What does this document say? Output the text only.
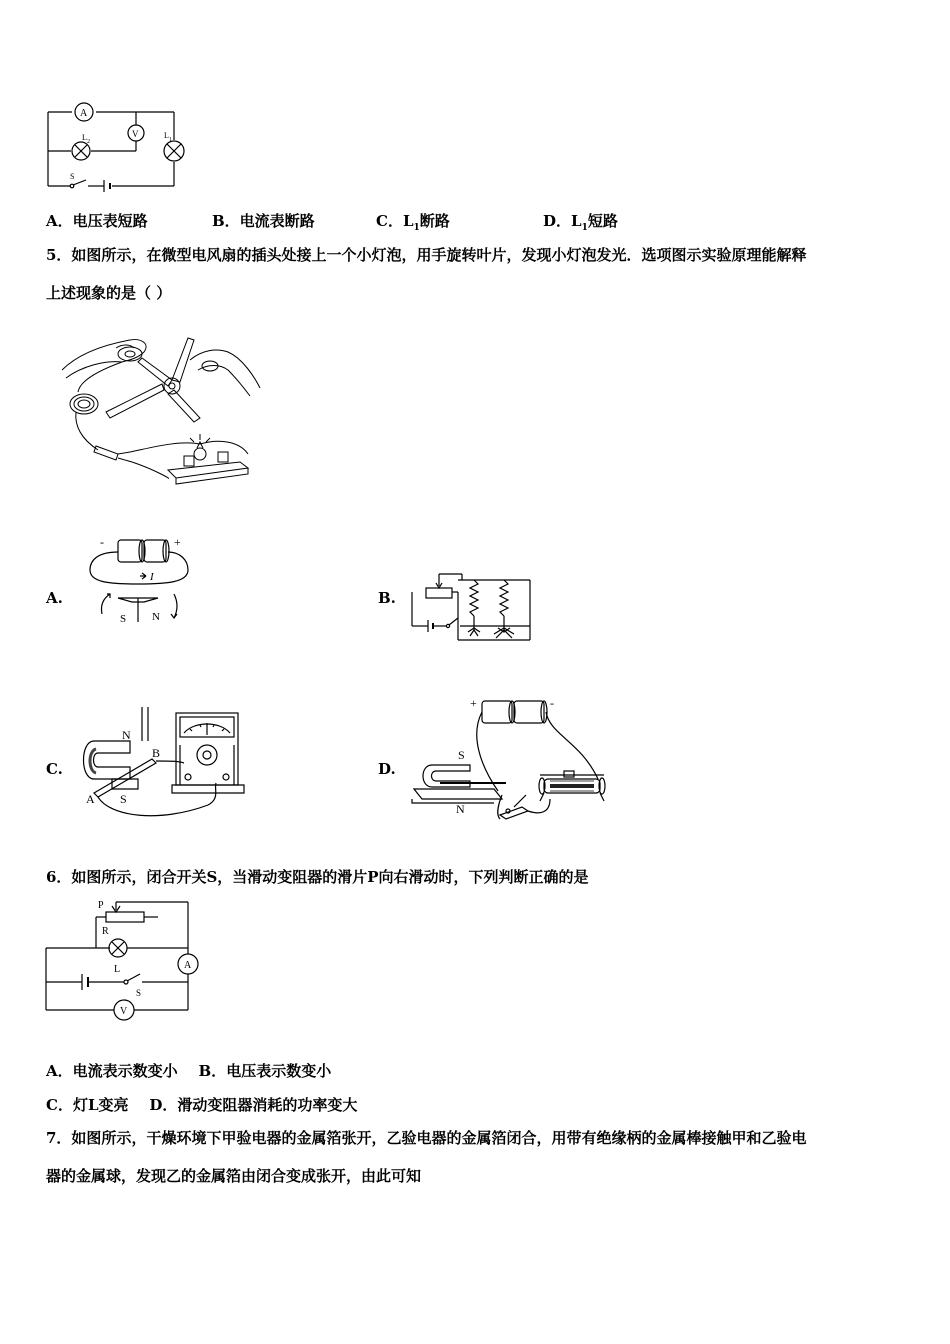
A
V
L 2
L 1
S
A．电压表短路	B．电流表断路	C．$L_1$断路	D．$L_1$短路
5．如图所示，在微型电风扇的插头处接上一个小灯泡，用手旋转叶片，发现小灯泡发光．选项图示实验原理能解释
上述现象的是（ ）
A.	B.
C.	D.
-	+
I
S N
N
B
A S
+	-
S
N
6．如图所示，闭合开关S，当滑动变阻器的滑片P向右滑动时，下列判断正确的是
P
R
A
L
S
V
A．电流表示数变小    B．电压表示数变小
C．灯L变亮    D．滑动变阻器消耗的功率变大
7．如图所示，干燥环境下甲验电器的金属箔张开，乙验电器的金属箔闭合，用带有绝缘柄的金属棒接触甲和乙验电
器的金属球，发现乙的金属箔由闭合变成张开，由此可知
